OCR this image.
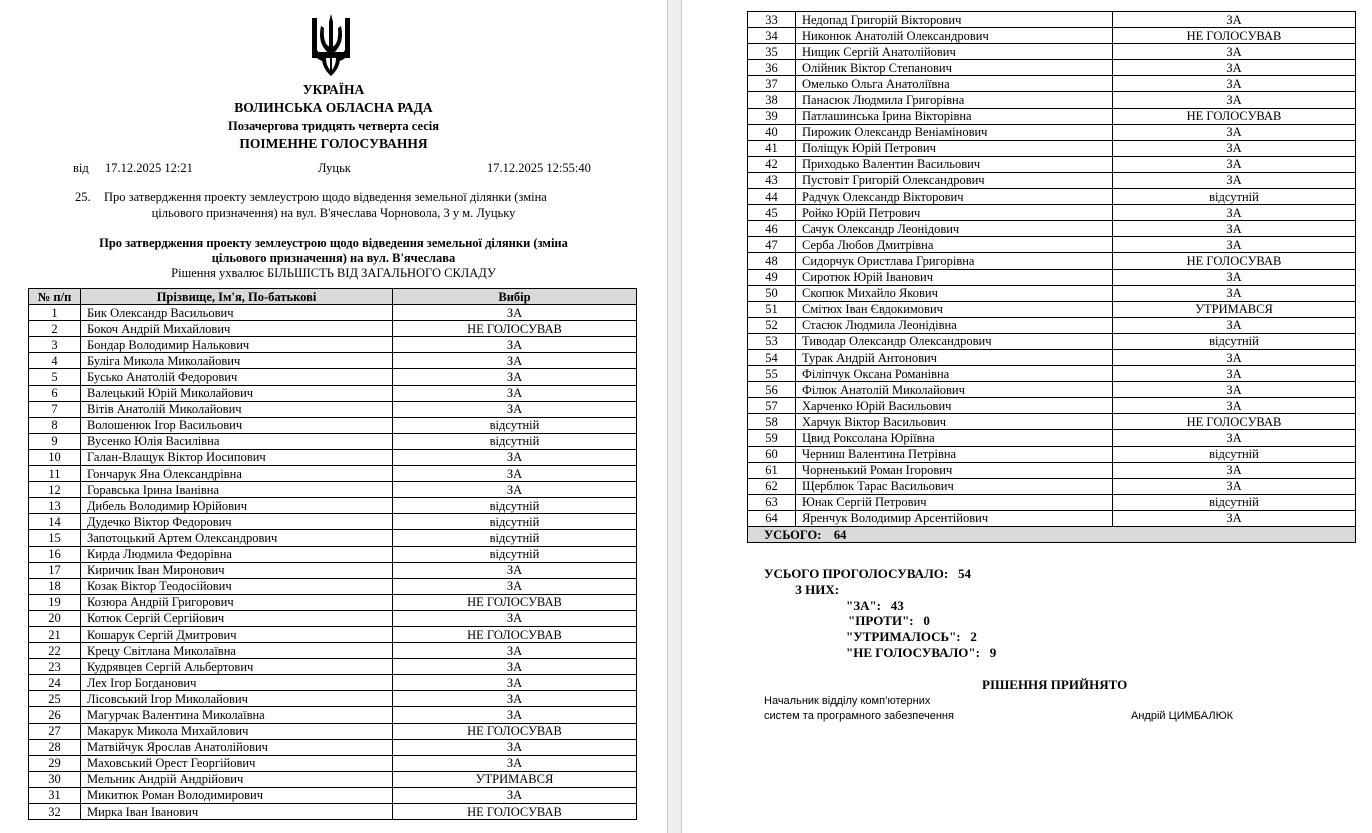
УКРАЇНА
ВОЛИНСЬКА ОБЛАСНА РАДА
Позачергова тридцять четверта сесія
ПОІМЕННЕ ГОЛОСУВАННЯ
від 17.12.2025 12:21	Луцьк	17.12.2025 12:55:40
25. Про затвердження проекту землеустрою щодо відведення земельної ділянки (зміна
цільового призначення) на вул. В'ячеслава Чорновола, 3 у м. Луцьку
Про затвердження проекту землеустрою щодо відведення земельної ділянки (зміна
цільового призначення) на вул. В'ячеслава
Рішення ухвалює БІЛЬШІСТЬ ВІД ЗАГАЛЬНОГО СКЛАДУ
№ п/п	Прізвище, Ім'я, По-батькові	Вибір
1	Бик Олександр Васильович	ЗА
2	Бокоч Андрій Михайлович	НЕ ГОЛОСУВАВ
3	Бондар Володимир Налькович	ЗА
4	Буліга Микола Миколайович	ЗА
5	Бусько Анатолій Федорович	ЗА
6	Валецький Юрій Миколайович	ЗА
7	Вітів Анатолій Миколайович	ЗА
8	Волошенюк Ігор Васильович	відсутній
9	Вусенко Юлія Василівна	відсутній
10	Галан-Влащук Віктор Иосипович	ЗА
11	Гончарук Яна Олександрівна	ЗА
12	Горавська Ірина Іванівна	ЗА
13	Дибель Володимир Юрійович	відсутній
14	Дудечко Віктор Федорович	відсутній
15	Запотоцький Артем Олександрович	відсутній
16	Кирда Людмила Федорівна	відсутній
17	Киричик Іван Миронович	ЗА
18	Козак Віктор Теодосійович	ЗА
19	Козюра Андрій Григорович	НЕ ГОЛОСУВАВ
20	Котюк Сергій Сергійович	ЗА
21	Кошарук Сергій Дмитрович	НЕ ГОЛОСУВАВ
22	Крецу Світлана Миколаївна	ЗА
23	Кудрявцев Сергій Альбертович	ЗА
24	Лех Ігор Богданович	ЗА
25	Лісовський Ігор Миколайович	ЗА
26	Магурчак Валентина Миколаївна	ЗА
27	Макарук Микола Михайлович	НЕ ГОЛОСУВАВ
28	Матвійчук Ярослав Анатолійович	ЗА
29	Маховський Орест Георгійович	ЗА
30	Мельник Андрій Андрійович	УТРИМАВСЯ
31	Микитюк Роман Володимирович	ЗА
32	Мирка Іван Іванович	НЕ ГОЛОСУВАВ
33	Недопад Григорій Вікторович	ЗА
34	Никонюк Анатолій Олександрович	НЕ ГОЛОСУВАВ
35	Нищик Сергій Анатолійович	ЗА
36	Олійник Віктор Степанович	ЗА
37	Омелько Ольга Анатоліївна	ЗА
38	Панасюк Людмила Григорівна	ЗА
39	Патлашинська Ірина Вікторівна	НЕ ГОЛОСУВАВ
40	Пирожик Олександр Веніамінович	ЗА
41	Поліщук Юрій Петрович	ЗА
42	Приходько Валентин Васильович	ЗА
43	Пустовіт Григорій Олександрович	ЗА
44	Радчук Олександр Вікторович	відсутній
45	Ройко Юрій Петрович	ЗА
46	Сачук Олександр Леонідович	ЗА
47	Серба Любов Дмитрівна	ЗА
48	Сидорчук Ористлава Григорівна	НЕ ГОЛОСУВАВ
49	Сиротюк Юрій Іванович	ЗА
50	Скопюк Михайло Якович	ЗА
51	Смітюх Іван Євдокимович	УТРИМАВСЯ
52	Стасюк Людмила Леонідівна	ЗА
53	Тиводар Олександр Олександрович	відсутній
54	Турак Андрій Антонович	ЗА
55	Філіпчук Оксана Романівна	ЗА
56	Філюк Анатолій Миколайович	ЗА
57	Харченко Юрій Васильович	ЗА
58	Харчук Віктор Васильович	НЕ ГОЛОСУВАВ
59	Цвид Роксолана Юріївна	ЗА
60	Черниш Валентина Петрівна	відсутній
61	Чорненький Роман Ігорович	ЗА
62	Щерблюк Тарас Васильович	ЗА
63	Юнак Сергій Петрович	відсутній
64	Яренчук Володимир Арсентійович	ЗА
УСЬОГО: 64		
УСЬОГО ПРОГОЛОСУВАЛО: 54
З НИХ:
"ЗА": 43
"ПРОТИ": 0
"УТРИМАЛОСЬ": 2
"НЕ ГОЛОСУВАЛО": 9
РІШЕННЯ ПРИЙНЯТО
Начальник відділу комп’ютерних
систем та програмного забезпечення	Андрій ЦИМБАЛЮК
